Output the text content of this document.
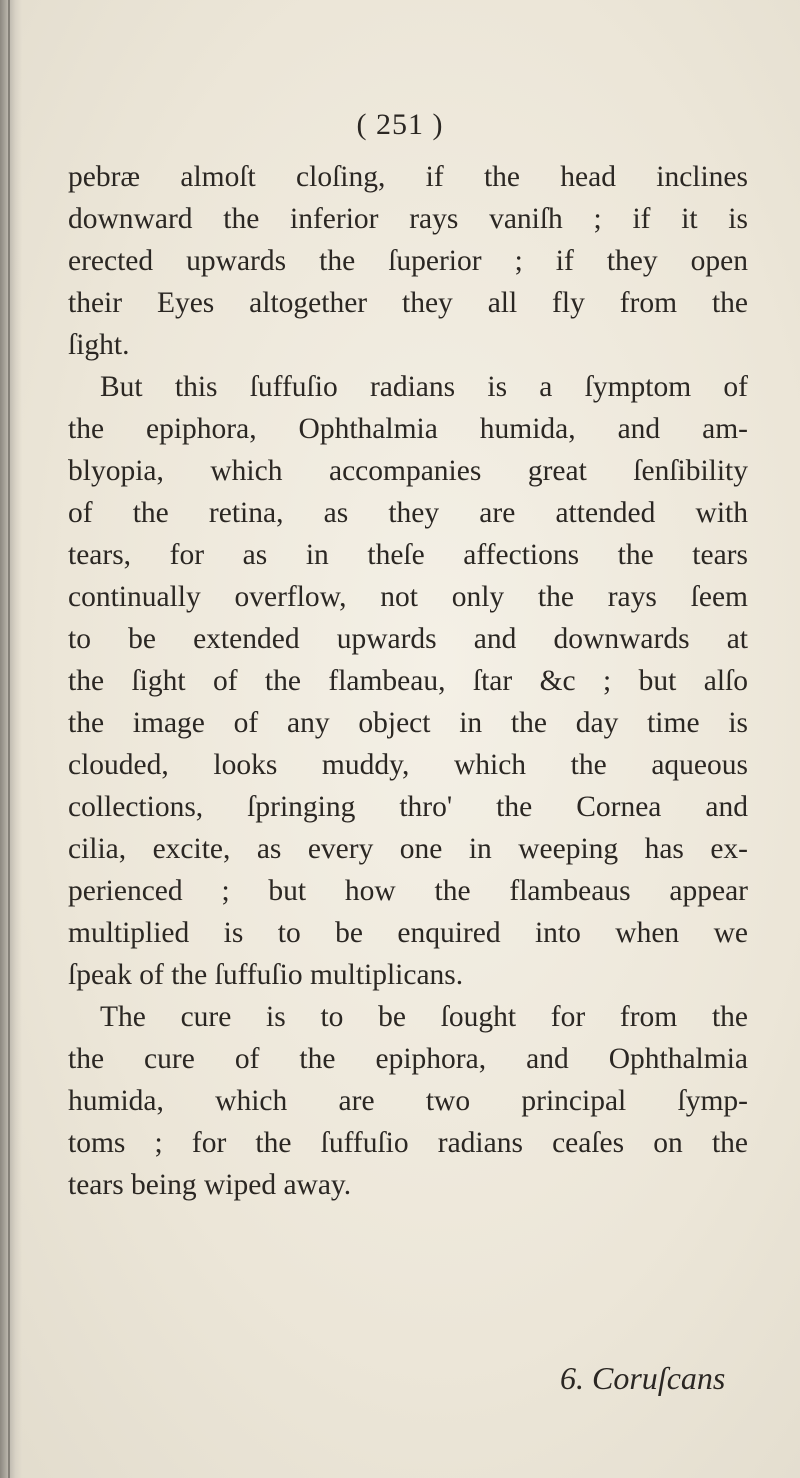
( 251 )
pebræ almoſt cloſing, if the head inclines
downward the inferior rays vaniſh ; if it is
erected upwards the ſuperior ; if they open
their Eyes altogether they all fly from the
ſight.
But this ſuffuſio radians is a ſymptom of
the epiphora, Ophthalmia humida, and am-
blyopia, which accompanies great ſenſibility
of the retina, as they are attended with
tears, for as in theſe affections the tears
continually overflow, not only the rays ſeem
to be extended upwards and downwards at
the ſight of the flambeau, ſtar &c ; but alſo
the image of any object in the day time is
clouded, looks muddy, which the aqueous
collections, ſpringing thro' the Cornea and
cilia, excite, as every one in weeping has ex-
perienced ; but how the flambeaus appear
multiplied is to be enquired into when we
ſpeak of the ſuffuſio multiplicans.
The cure is to be ſought for from the
the cure of the epiphora, and Ophthalmia
humida, which are two principal ſymp-
toms ; for the ſuffuſio radians ceaſes on the
tears being wiped away.
6. Coruſcans
